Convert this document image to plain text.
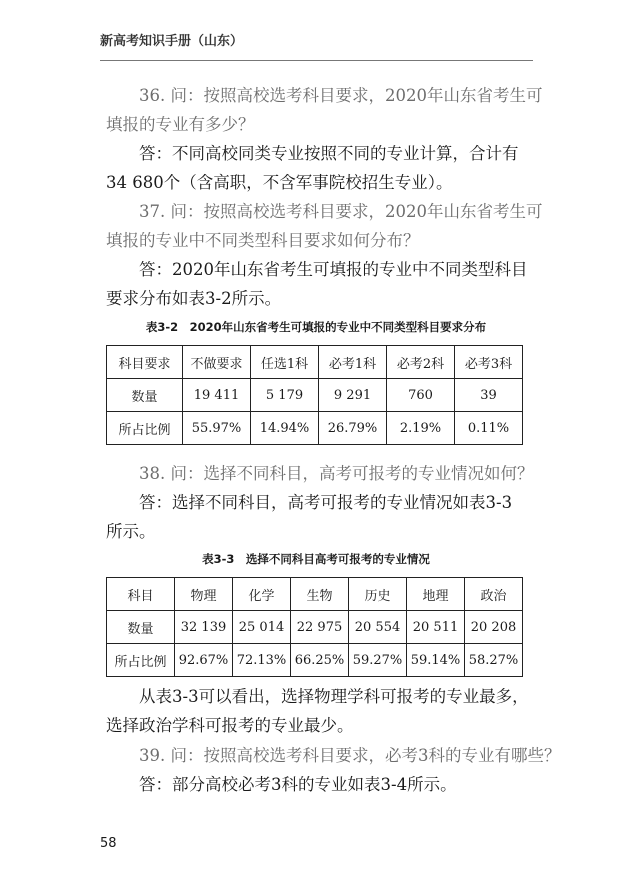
新高考知识手册（山东）
36. 问：按照高校选考科目要求，2020年山东省考生可
填报的专业有多少？
答：不同高校同类专业按照不同的专业计算，合计有
34 680个（含高职，不含军事院校招生专业）。
37. 问：按照高校选考科目要求，2020年山东省考生可
填报的专业中不同类型科目要求如何分布？
答：2020年山东省考生可填报的专业中不同类型科目
要求分布如表3-2所示。
表3-2　2020年山东省考生可填报的专业中不同类型科目要求分布
科目要求	不做要求	任选1科	必考1科	必考2科	必考3科
数量	19 411	5 179	9 291	760	39
所占比例	55.97%	14.94%	26.79%	2.19%	0.11%
38. 问：选择不同科目，高考可报考的专业情况如何？
答：选择不同科目，高考可报考的专业情况如表3-3
所示。
表3-3　选择不同科目高考可报考的专业情况
科目	物理	化学	生物	历史	地理	政治
数量	32 139	25 014	22 975	20 554	20 511	20 208
所占比例	92.67%	72.13%	66.25%	59.27%	59.14%	58.27%
从表3-3可以看出，选择物理学科可报考的专业最多，
选择政治学科可报考的专业最少。
39. 问：按照高校选考科目要求，必考3科的专业有哪些？
答：部分高校必考3科的专业如表3-4所示。
58
